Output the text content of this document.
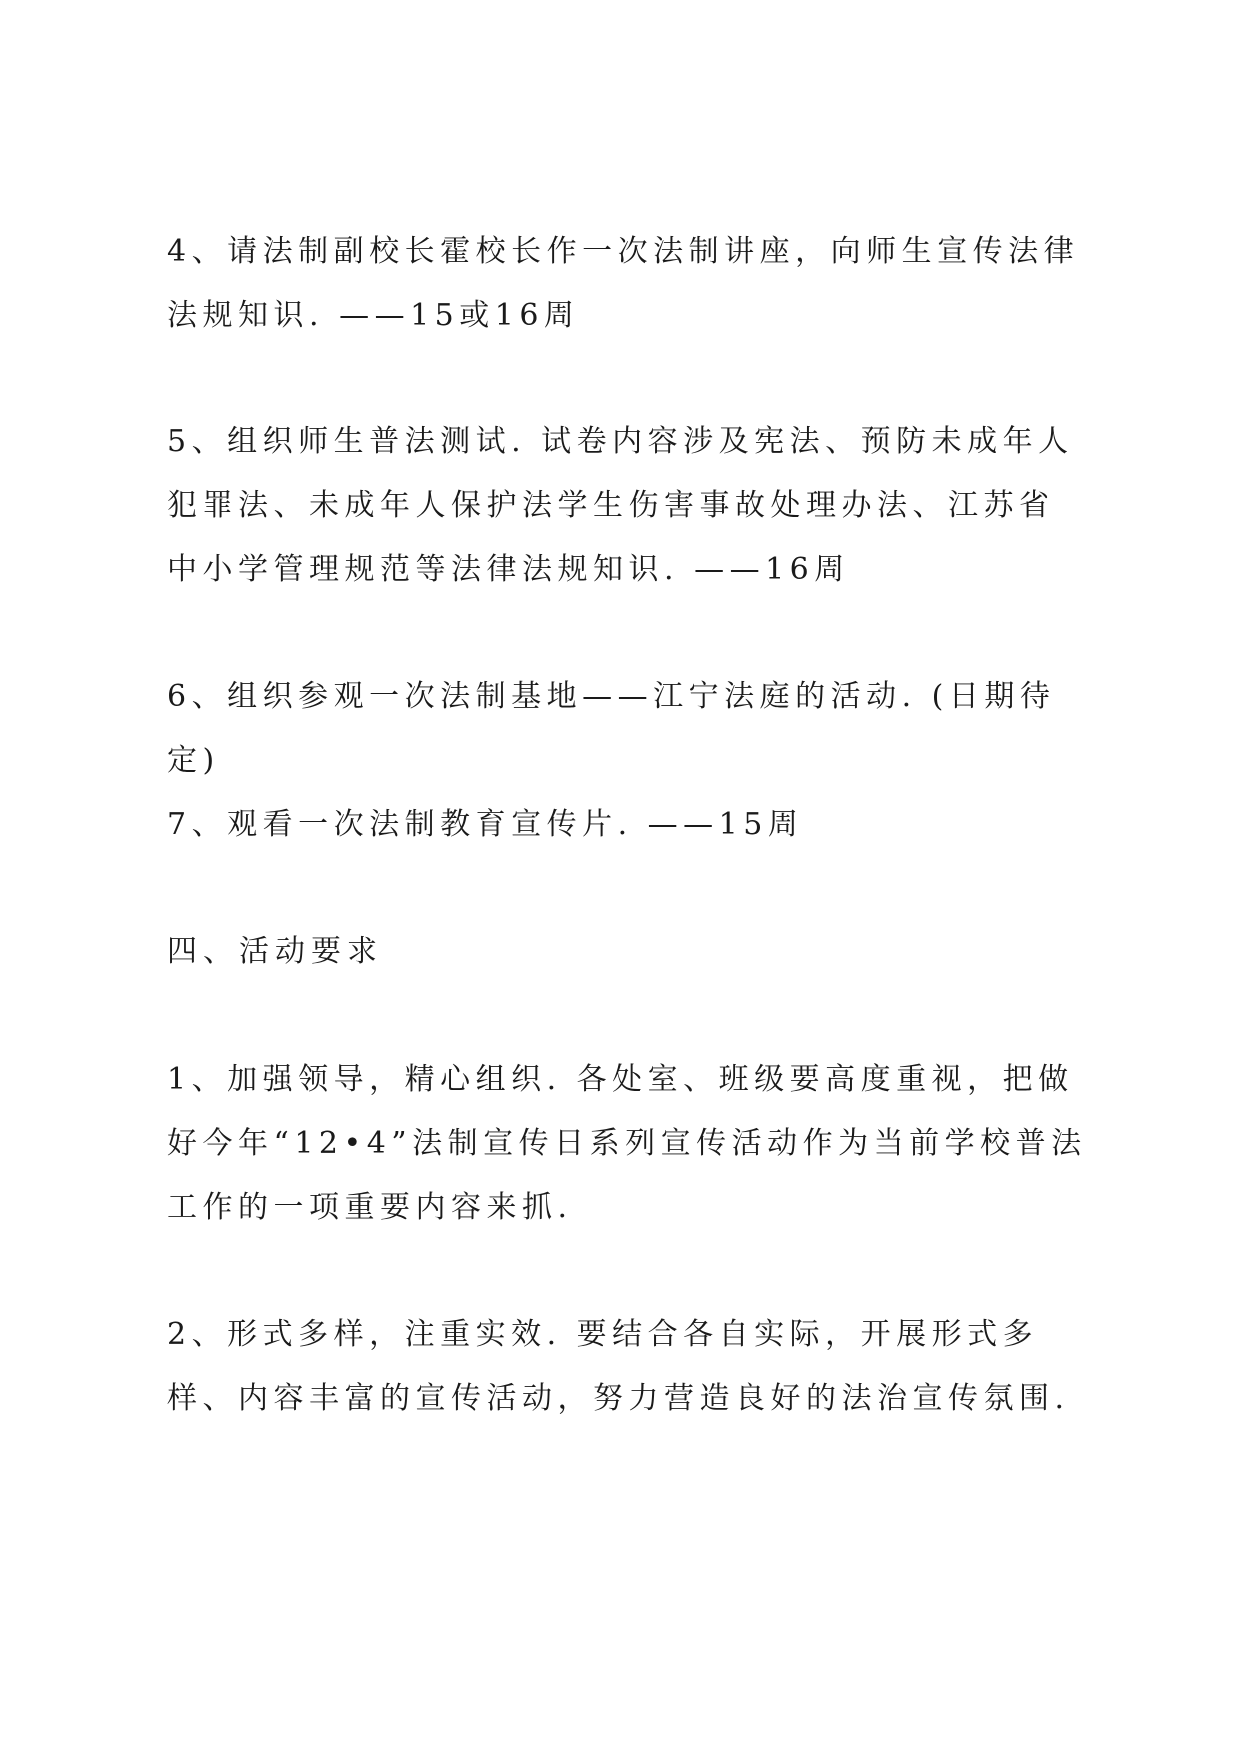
4、请法制副校长霍校长作一次法制讲座，向师生宣传法律法规知识. ——15或16周

5、组织师生普法测试. 试卷内容涉及宪法、预防未成年人犯罪法、未成年人保护法学生伤害事故处理办法、江苏省中小学管理规范等法律法规知识. ——16周

6、组织参观一次法制基地——江宁法庭的活动. (日期待定)

7、观看一次法制教育宣传片. ——15周

四、活动要求

1、加强领导，精心组织. 各处室、班级要高度重视，把做好今年“12•4”法制宣传日系列宣传活动作为当前学校普法工作的一项重要内容来抓.

2、形式多样，注重实效. 要结合各自实际，开展形式多样、内容丰富的宣传活动，努力营造良好的法治宣传氛围.
